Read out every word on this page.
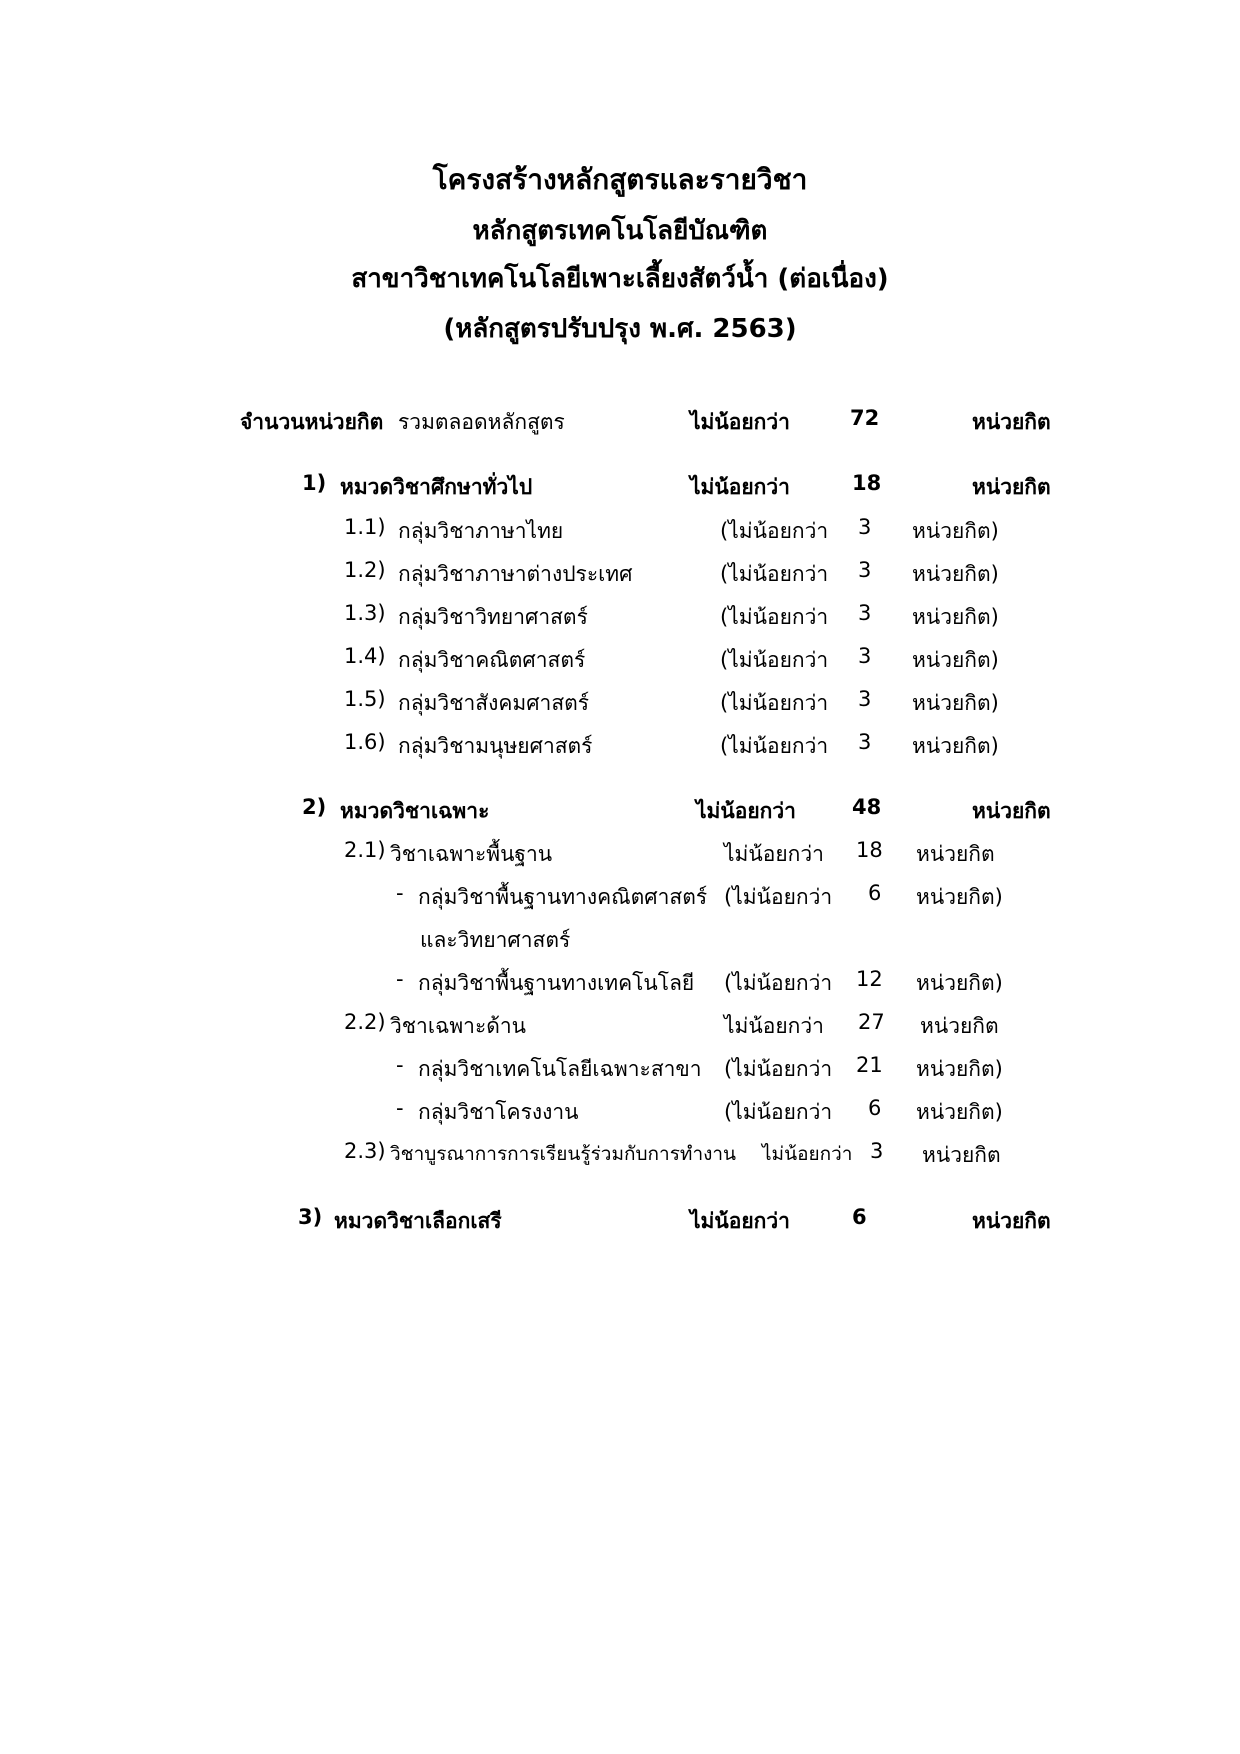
โครงสร้างหลักสูตรและรายวิชา
หลักสูตรเทคโนโลยีบัณฑิต
สาขาวิชาเทคโนโลยีเพาะเลี้ยงสัตว์น้ำ (ต่อเนื่อง)
(หลักสูตรปรับปรุง พ.ศ. 2563)
จำนวนหน่วยกิต รวมตลอดหลักสูตร	ไม่น้อยกว่า	72	หน่วยกิต
1) หมวดวิชาศึกษาทั่วไป	ไม่น้อยกว่า	18	หน่วยกิต
1.1) กลุ่มวิชาภาษาไทย	(ไม่น้อยกว่า 3 หน่วยกิต)
1.2) กลุ่มวิชาภาษาต่างประเทศ	(ไม่น้อยกว่า 3 หน่วยกิต)
1.3) กลุ่มวิชาวิทยาศาสตร์	(ไม่น้อยกว่า 3 หน่วยกิต)
1.4) กลุ่มวิชาคณิตศาสตร์	(ไม่น้อยกว่า 3 หน่วยกิต)
1.5) กลุ่มวิชาสังคมศาสตร์	(ไม่น้อยกว่า 3 หน่วยกิต)
1.6) กลุ่มวิชามนุษยศาสตร์	(ไม่น้อยกว่า 3 หน่วยกิต)
2) หมวดวิชาเฉพาะ	ไม่น้อยกว่า	48	หน่วยกิต
2.1) วิชาเฉพาะพื้นฐาน	ไม่น้อยกว่า 18 หน่วยกิต
- กลุ่มวิชาพื้นฐานทางคณิตศาสตร์ (ไม่น้อยกว่า 6 หน่วยกิต)
และวิทยาศาสตร์
- กลุ่มวิชาพื้นฐานทางเทคโนโลยี (ไม่น้อยกว่า 12 หน่วยกิต)
2.2) วิชาเฉพาะด้าน	ไม่น้อยกว่า 27 หน่วยกิต
- กลุ่มวิชาเทคโนโลยีเฉพาะสาขา (ไม่น้อยกว่า 21 หน่วยกิต)
- กลุ่มวิชาโครงงาน	(ไม่น้อยกว่า 6 หน่วยกิต)
2.3) วิชาบูรณาการการเรียนรู้ร่วมกับการทำงาน ไม่น้อยกว่า 3 หน่วยกิต
3) หมวดวิชาเลือกเสรี	ไม่น้อยกว่า	6	หน่วยกิต
